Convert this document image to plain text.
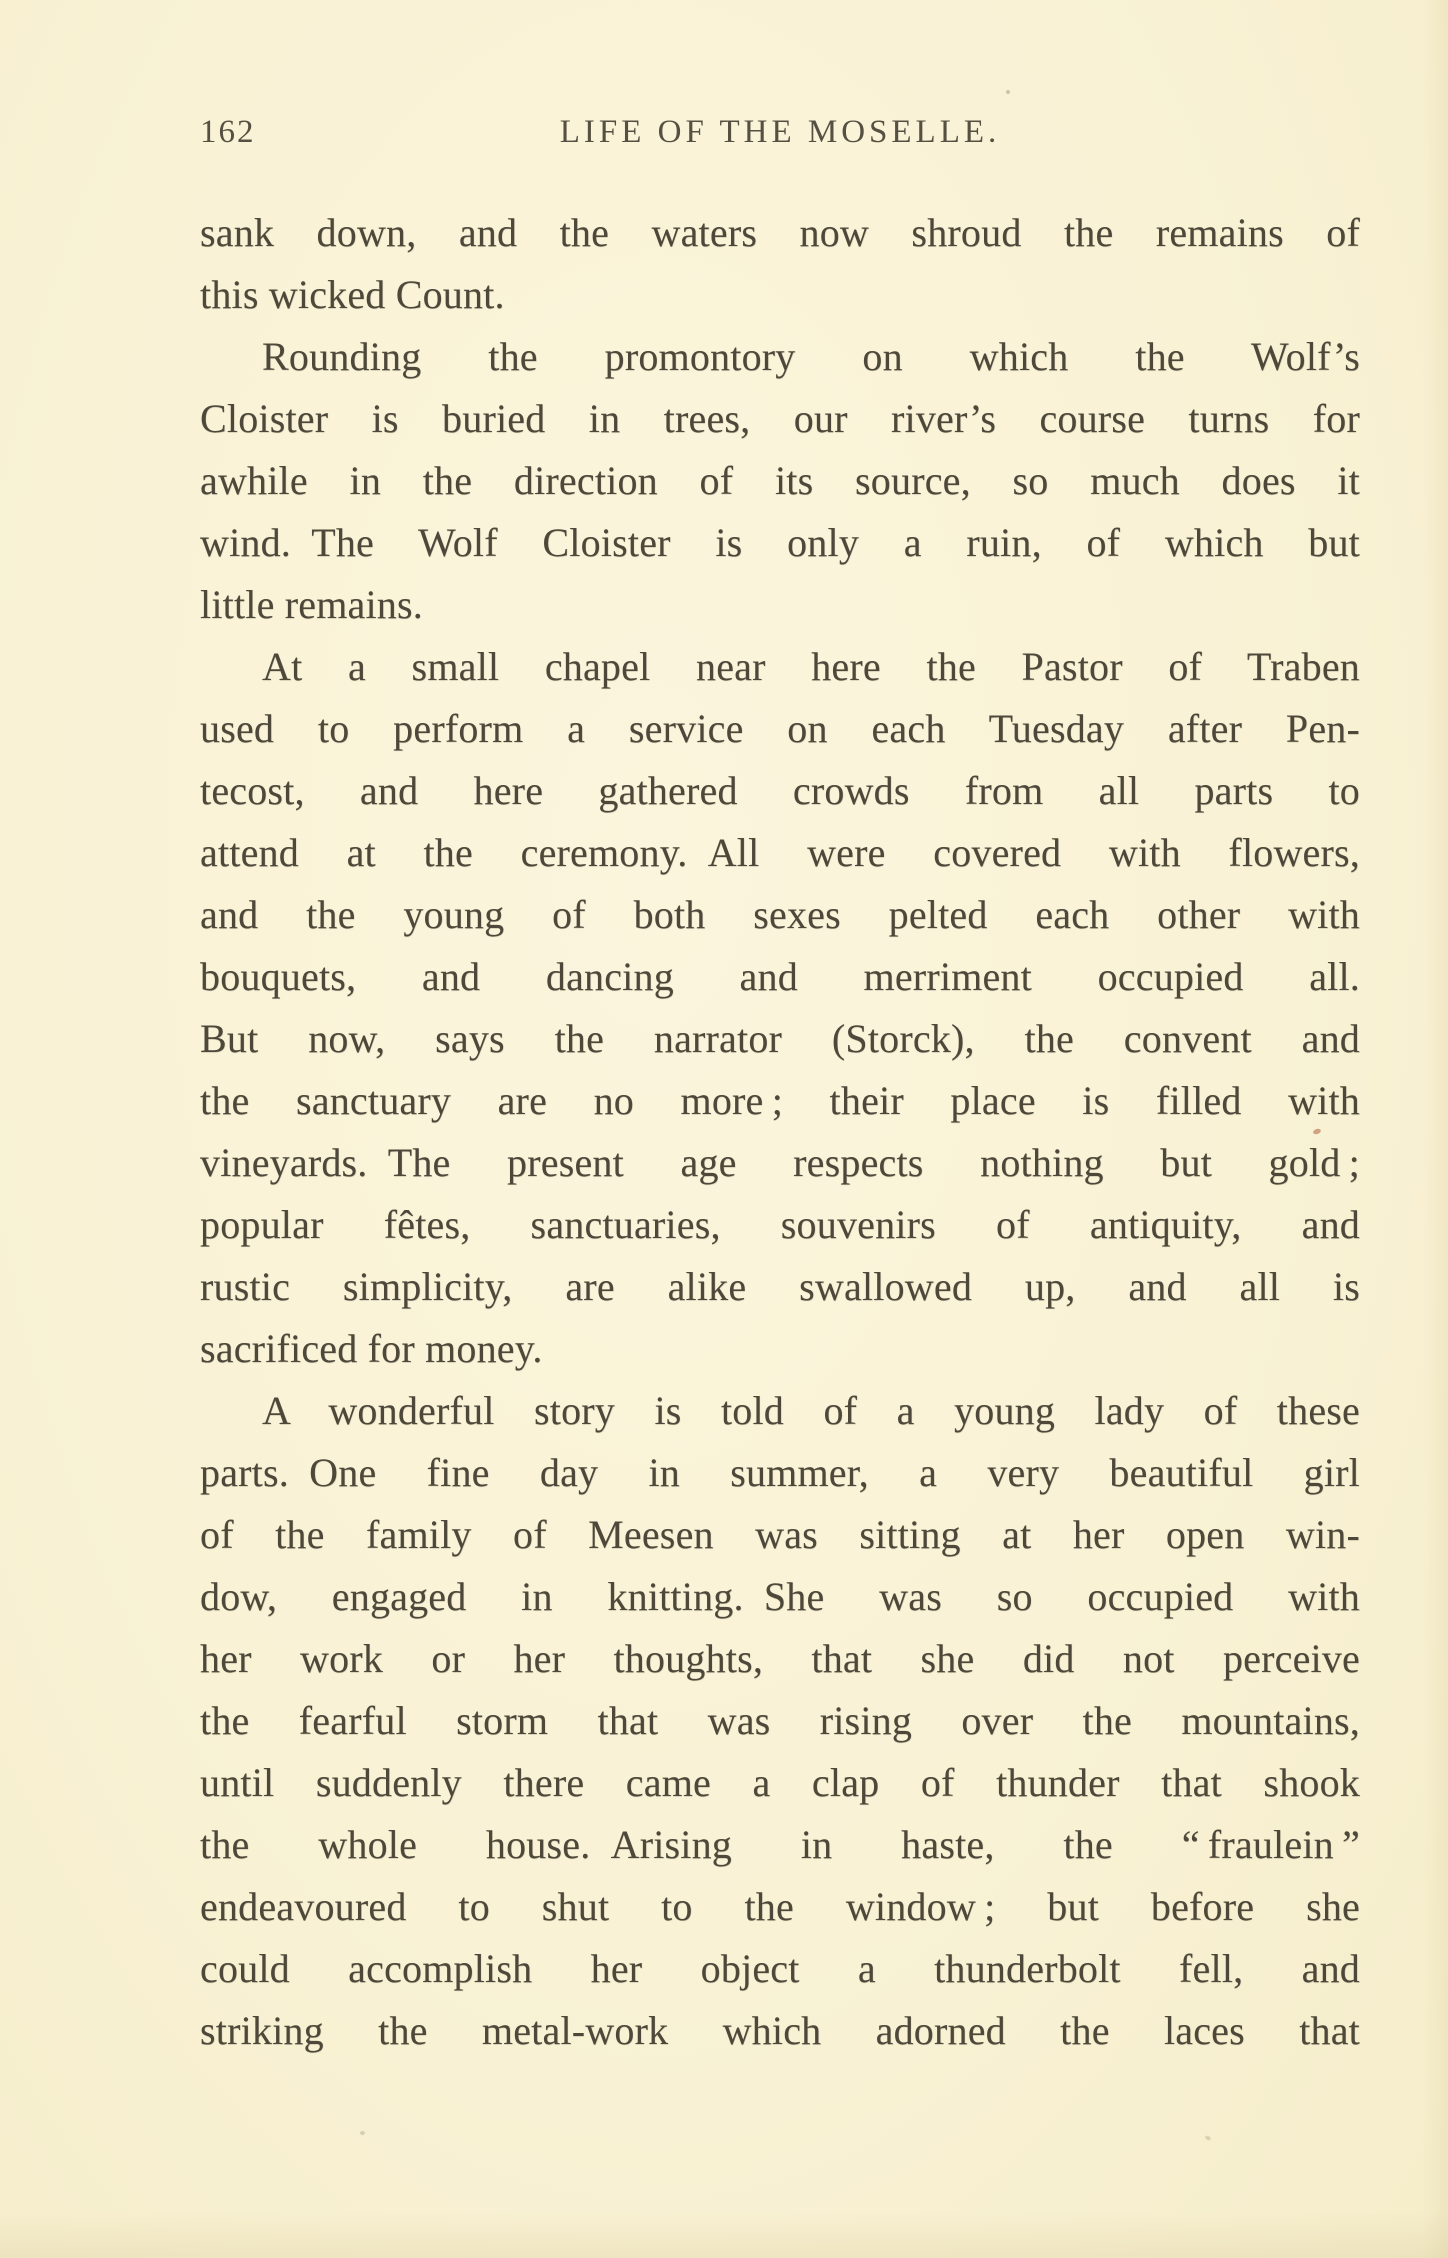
162	LIFE OF THE MOSELLE.
sank down, and the waters now shroud the remains of
this wicked Count.
Rounding the promontory on which the Wolf’s
Cloister is buried in trees, our river’s course turns for
awhile in the direction of its source, so much does it
wind. The Wolf Cloister is only a ruin, of which but
little remains.
At a small chapel near here the Pastor of Traben
used to perform a service on each Tuesday after Pen-
tecost, and here gathered crowds from all parts to
attend at the ceremony. All were covered with flowers,
and the young of both sexes pelted each other with
bouquets, and dancing and merriment occupied all.
But now, says the narrator (Storck), the convent and
the sanctuary are no more ; their place is filled with
vineyards. The present age respects nothing but gold ;
popular fêtes, sanctuaries, souvenirs of antiquity, and
rustic simplicity, are alike swallowed up, and all is
sacrificed for money.
A wonderful story is told of a young lady of these
parts. One fine day in summer, a very beautiful girl
of the family of Meesen was sitting at her open win-
dow, engaged in knitting. She was so occupied with
her work or her thoughts, that she did not perceive
the fearful storm that was rising over the mountains,
until suddenly there came a clap of thunder that shook
the whole house. Arising in haste, the “ fraulein ”
endeavoured to shut to the window ; but before she
could accomplish her object a thunderbolt fell, and
striking the metal-work which adorned the laces that
